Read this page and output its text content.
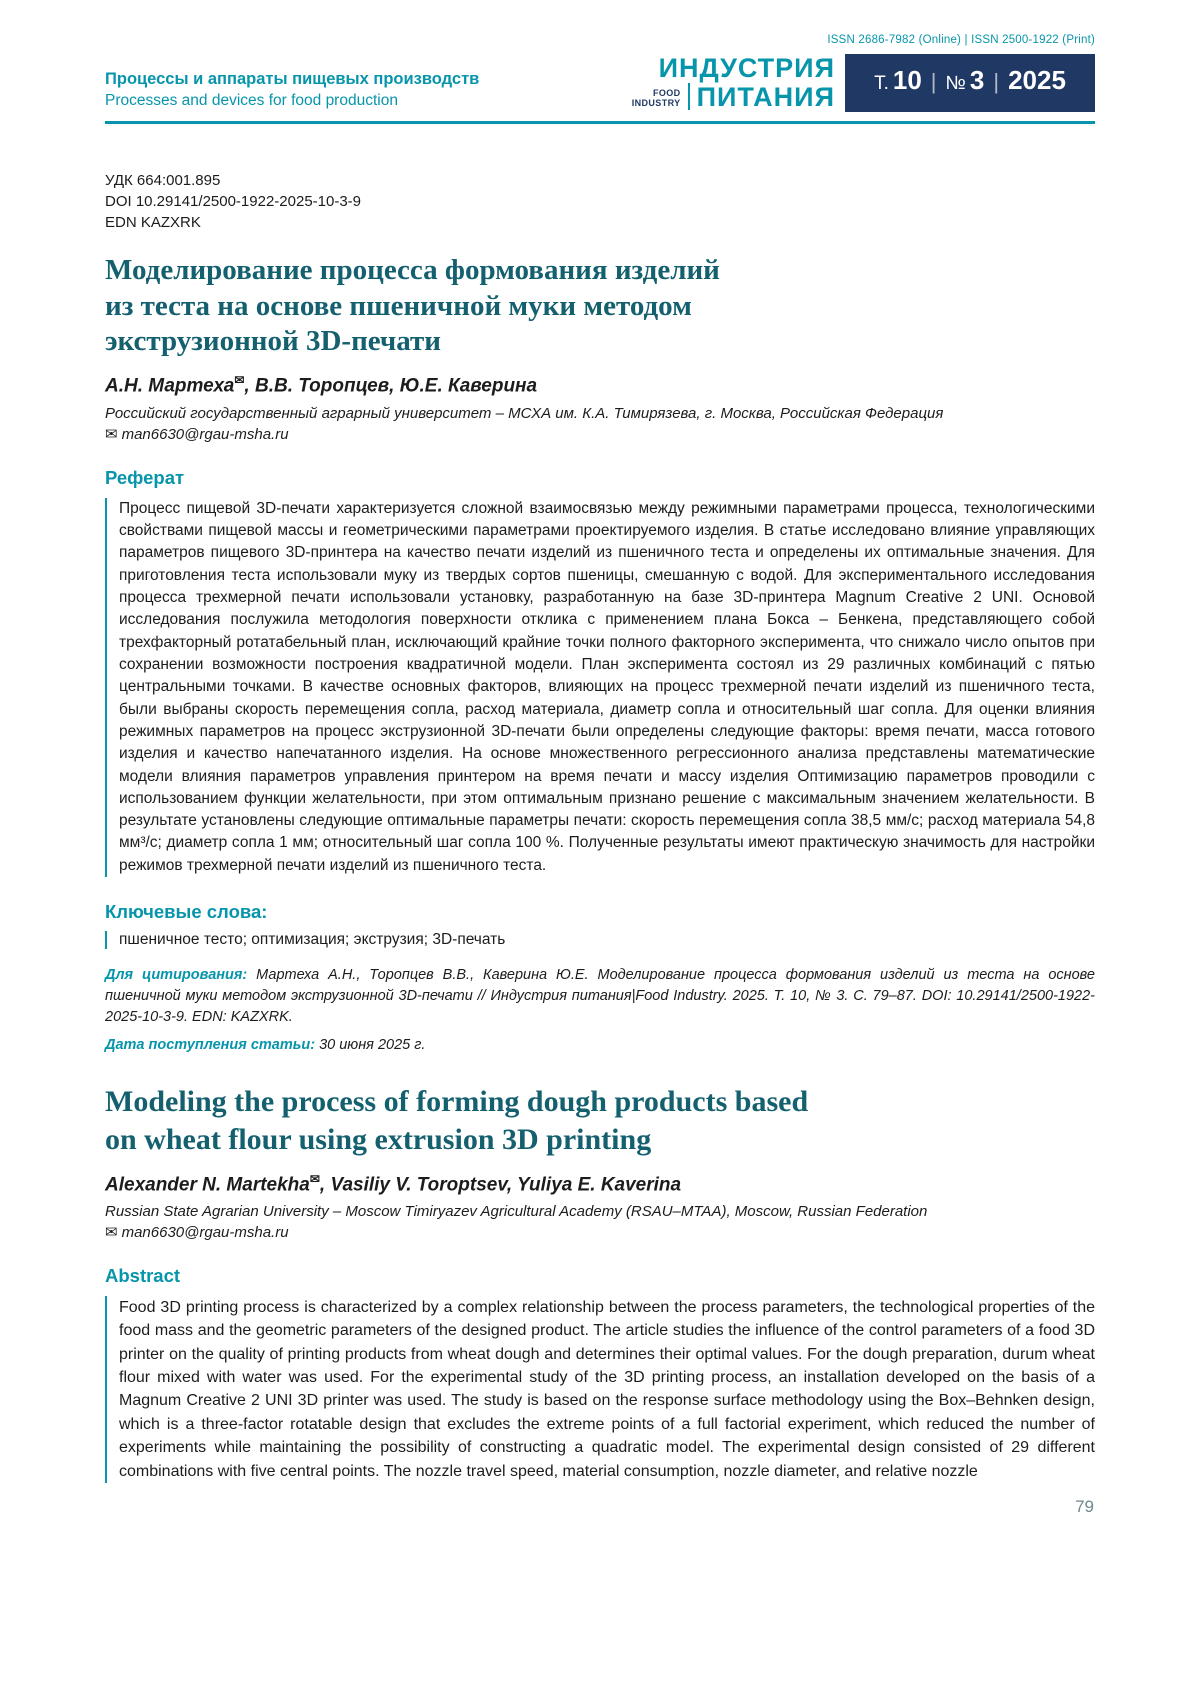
ISSN 2686-7982 (Online) | ISSN 2500-1922 (Print)
Процессы и аппараты пищевых производств
Processes and devices for food production
ИНДУСТРИЯ
FOOD
INDUSTRY ПИТАНИЯ Т. 10 | № 3 | 2025
УДК 664:001.895
DOI 10.29141/2500-1922-2025-10-3-9
EDN KAZXRK
Моделирование процесса формования изделий
из теста на основе пшеничной муки методом
экструзионной 3D-печати
А.Н. Мартеха✉, В.В. Торопцев, Ю.Е. Каверина
Российский государственный аграрный университет – МСХА им. К.А. Тимирязева, г. Москва, Российская Федерация
✉ man6630@rgau-msha.ru
Реферат
Процесс пищевой 3D-печати характеризуется сложной взаимосвязью между режимными параметрами процесса, технологическими свойствами пищевой массы и геометрическими параметрами проектируемого изделия. В статье исследовано влияние управляющих параметров пищевого 3D-принтера на качество печати изделий из пшеничного теста и определены их оптимальные значения. Для приготовления теста использовали муку из твердых сортов пшеницы, смешанную с водой. Для экспериментального исследования процесса трехмерной печати использовали установку, разработанную на базе 3D-принтера Magnum Creative 2 UNI. Основой исследования послужила методология поверхности отклика с применением плана Бокса – Бенкена, представляющего собой трехфакторный ротатабельный план, исключающий крайние точки полного факторного эксперимента, что снижало число опытов при сохранении возможности построения квадратичной модели. План эксперимента состоял из 29 различных комбинаций с пятью центральными точками. В качестве основных факторов, влияющих на процесс трехмерной печати изделий из пшеничного теста, были выбраны скорость перемещения сопла, расход материала, диаметр сопла и относительный шаг сопла. Для оценки влияния режимных параметров на процесс экструзионной 3D-печати были определены следующие факторы: время печати, масса готового изделия и качество напечатанного изделия. На основе множественного регрессионного анализа представлены математические модели влияния параметров управления принтером на время печати и массу изделия Оптимизацию параметров проводили с использованием функции желательности, при этом оптимальным признано решение с максимальным значением желательности. В результате установлены следующие оптимальные параметры печати: скорость перемещения сопла 38,5 мм/с; расход материала 54,8 мм³/с; диаметр сопла 1 мм; относительный шаг сопла 100 %. Полученные результаты имеют практическую значимость для настройки режимов трехмерной печати изделий из пшеничного теста.
Ключевые слова:
пшеничное тесто; оптимизация; экструзия; 3D-печать
Для цитирования: Мартеха А.Н., Торопцев В.В., Каверина Ю.Е. Моделирование процесса формования изделий из теста на основе пшеничной муки методом экструзионной 3D-печати // Индустрия питания|Food Industry. 2025. Т. 10, № 3. С. 79–87. DOI: 10.29141/2500-1922-2025-10-3-9. EDN: KAZXRK.
Дата поступления статьи: 30 июня 2025 г.
Modeling the process of forming dough products based
on wheat flour using extrusion 3D printing
Alexander N. Martekha✉, Vasiliy V. Toroptsev, Yuliya E. Kaverina
Russian State Agrarian University – Moscow Timiryazev Agricultural Academy (RSAU–MTAA), Moscow, Russian Federation
✉ man6630@rgau-msha.ru
Abstract
Food 3D printing process is characterized by a complex relationship between the process parameters, the technological properties of the food mass and the geometric parameters of the designed product. The article studies the influence of the control parameters of a food 3D printer on the quality of printing products from wheat dough and determines their optimal values. For the dough preparation, durum wheat flour mixed with water was used. For the experimental study of the 3D printing process, an installation developed on the basis of a Magnum Creative 2 UNI 3D printer was used. The study is based on the response surface methodology using the Box–Behnken design, which is a three-factor rotatable design that excludes the extreme points of a full factorial experiment, which reduced the number of experiments while maintaining the possibility of constructing a quadratic model. The experimental design consisted of 29 different combinations with five central points. The nozzle travel speed, material consumption, nozzle diameter, and relative nozzle
79
